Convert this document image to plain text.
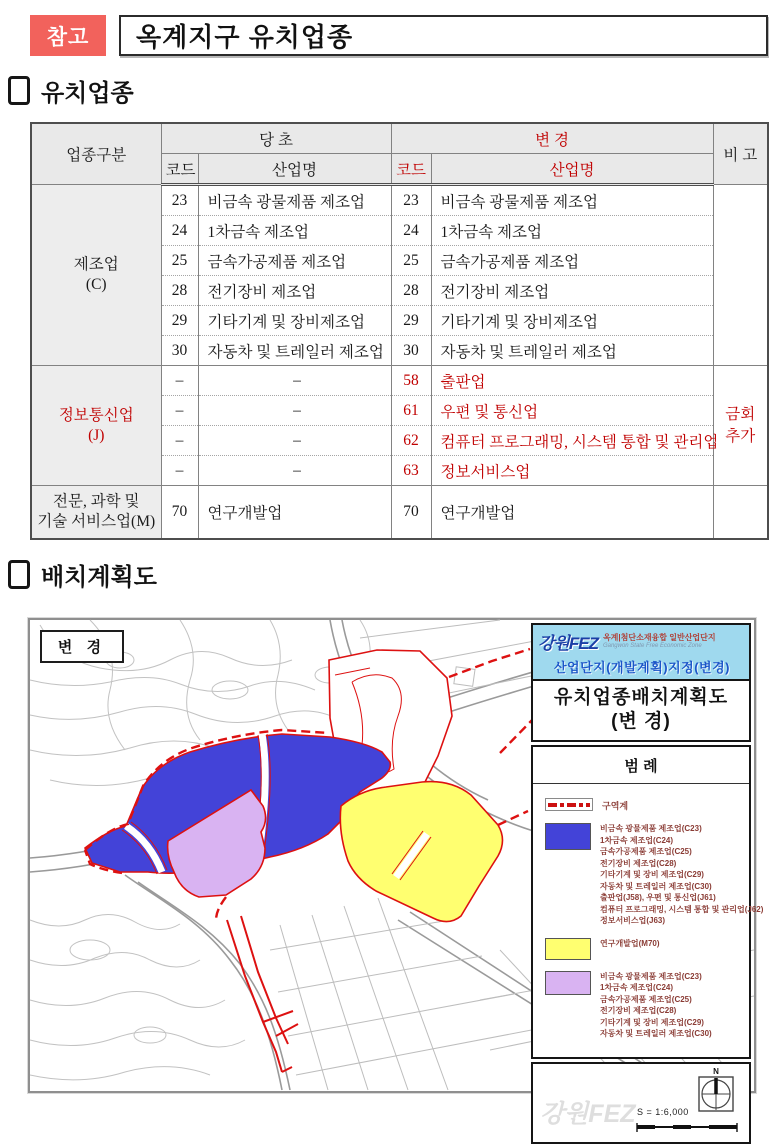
참고	옥계지구 유치업종
유치업종
업종구분	당 초		변 경		비 고
	코드	산업명	코드	산업명	

제조업
(C)	23	비금속 광물제품 제조업	23	비금속 광물제품 제조업	
	24	1차금속 제조업	24	1차금속 제조업	
	25	금속가공제품 제조업	25	금속가공제품 제조업	
	28	전기장비 제조업	28	전기장비 제조업	
	29	기타기계 및 장비제조업	29	기타기계 및 장비제조업	
	30	자동차 및 트레일러 제조업	30	자동차 및 트레일러 제조업	

정보통신업
(J)	–	–	58	출판업	금회 추가
	–	–	61	우편 및 통신업	
	–	–	62	컴퓨터 프로그래밍, 시스템 통합 및 관리업	
	–	–	63	정보서비스업	

전문, 과학 및
기술 서비스업(M)	70	연구개발업	70	연구개발업	
배치계획도
변 경	강원FEZ 옥계|첨단소재융합 일반산업단지
Gangwon State Free Economic Zone
산업단지(개발계획)지정(변경)
유치업종배치계획도
(변 경)
범 례
구역계
비금속 광물제품 제조업(C23)
1차금속 제조업(C24)
금속가공제품 제조업(C25)
전기장비 제조업(C28)
기타기계 및 장비 제조업(C29)
자동차 및 트레일러 제조업(C30)
출판업(J58), 우편 및 통신업(J61)
컴퓨터 프로그래밍, 시스템 통합 및 관리업(J62)
정보서비스업(J63)
연구개발업(M70)
비금속 광물제품 제조업(C23)
1차금속 제조업(C24)
금속가공제품 제조업(C25)
전기장비 제조업(C28)
기타기계 및 장비 제조업(C29)
자동차 및 트레일러 제조업(C30)
강원FEZ
N
S = 1:6,000
